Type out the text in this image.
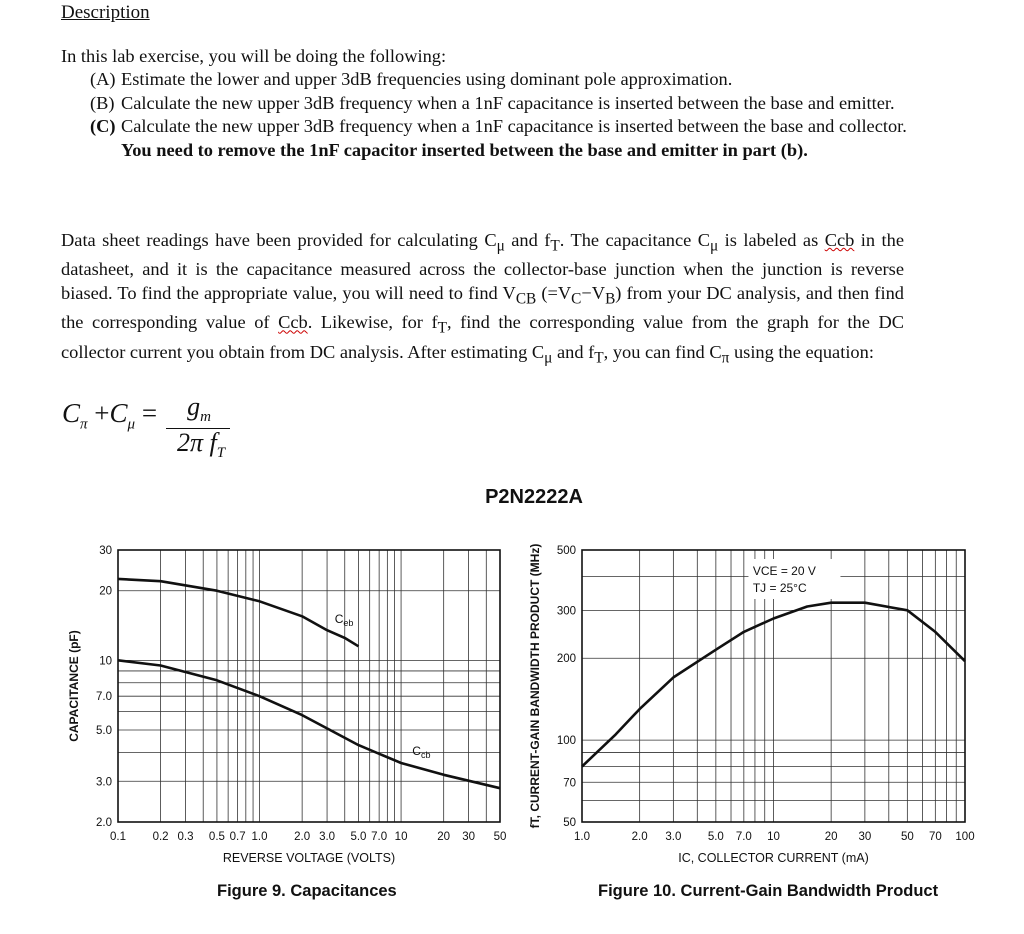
Description
In this lab exercise, you will be doing the following:
(A) Estimate the lower and upper 3dB frequencies using dominant pole approximation.
(B) Calculate the new upper 3dB frequency when a 1nF capacitance is inserted between the base and emitter.
(C) Calculate the new upper 3dB frequency when a 1nF capacitance is inserted between the base and collector. You need to remove the 1nF capacitor inserted between the base and emitter in part (b).
Data sheet readings have been provided for calculating $C_\mu$ and $f_T$. The capacitance $C_\mu$ is labeled as Ccb in the datasheet, and it is the capacitance measured across the collector-base junction when the junction is reverse biased. To find the appropriate value, you will need to find $V_{CB}$ $(=V_C-V_B)$ from your DC analysis, and then find the corresponding value of Ccb. Likewise, for $f_T$, find the corresponding value from the graph for the DC collector current you obtain from DC analysis. After estimating $C_\mu$ and $f_T$, you can find $C_\pi$ using the equation:
$C_\pi +C_\mu$ =	$g_m$
2π $f_T$
P2N2222A
0.1 0.2 0.3 0.5 0.7 1.0 2.0 3.0 5.0 7.0 10	20 30 50
2.0
3.0
5.0
7.0
10
20
30
REVERSE VOLTAGE (VOLTS)
CAPACITANCE (pF)
$C_{eb}$
$C_{cb}$
1.0	2.0 3.0 5.0 7.0 10	20 30	50 70 100
50
70
100
200
300
500
IC, COLLECTOR CURRENT (mA)
fT, CURRENT-GAIN BANDWIDTH PRODUCT (MHz)	VCE = 20 V
TJ = 25°C
Figure 9. Capacitances	Figure 10. Current-Gain Bandwidth Product
